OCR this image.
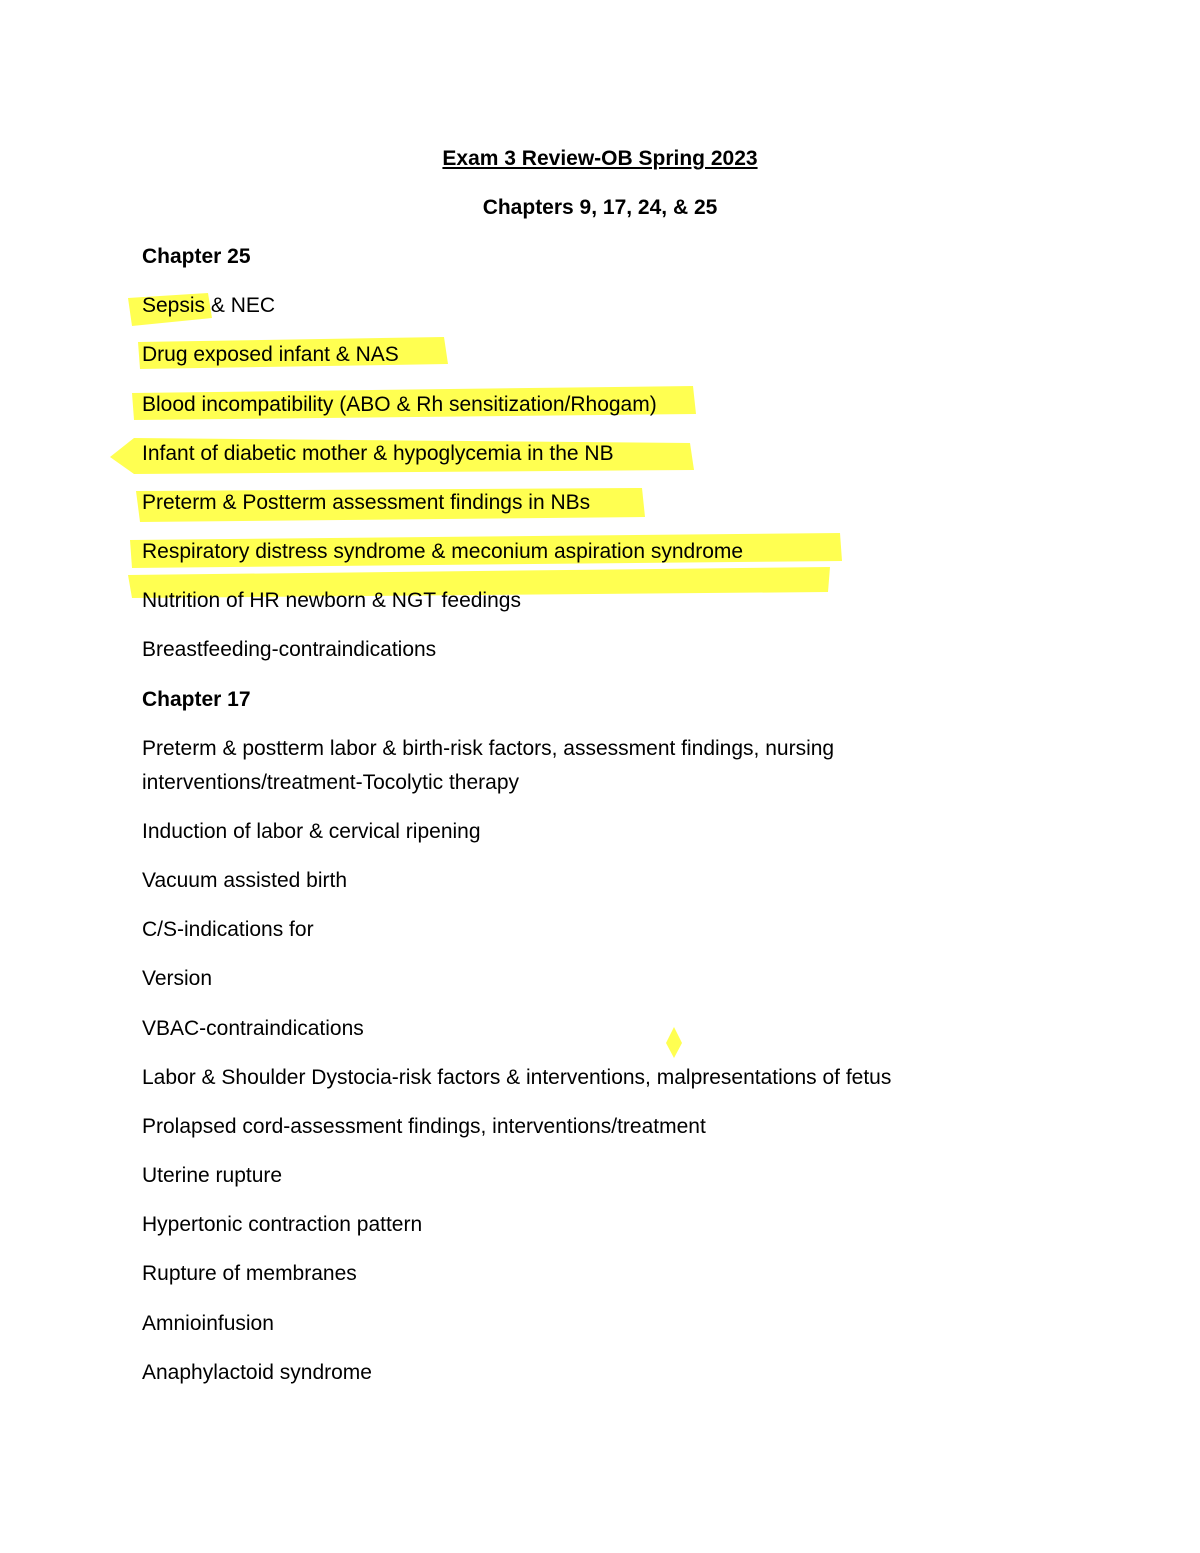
Exam 3 Review-OB Spring 2023

Chapters 9, 17, 24, & 25

Chapter 25

Sepsis & NEC

Drug exposed infant & NAS

Blood incompatibility (ABO & Rh sensitization/Rhogam)

Infant of diabetic mother & hypoglycemia in the NB

Preterm & Postterm assessment findings in NBs

Respiratory distress syndrome & meconium aspiration syndrome

Nutrition of HR newborn & NGT feedings

Breastfeeding-contraindications

Chapter 17

Preterm & postterm labor & birth-risk factors, assessment findings, nursing

interventions/treatment-Tocolytic therapy

Induction of labor & cervical ripening

Vacuum assisted birth

C/S-indications for

Version

VBAC-contraindications

Labor & Shoulder Dystocia-risk factors & interventions, malpresentations of fetus

Prolapsed cord-assessment findings, interventions/treatment

Uterine rupture

Hypertonic contraction pattern

Rupture of membranes

Amnioinfusion

Anaphylactoid syndrome
